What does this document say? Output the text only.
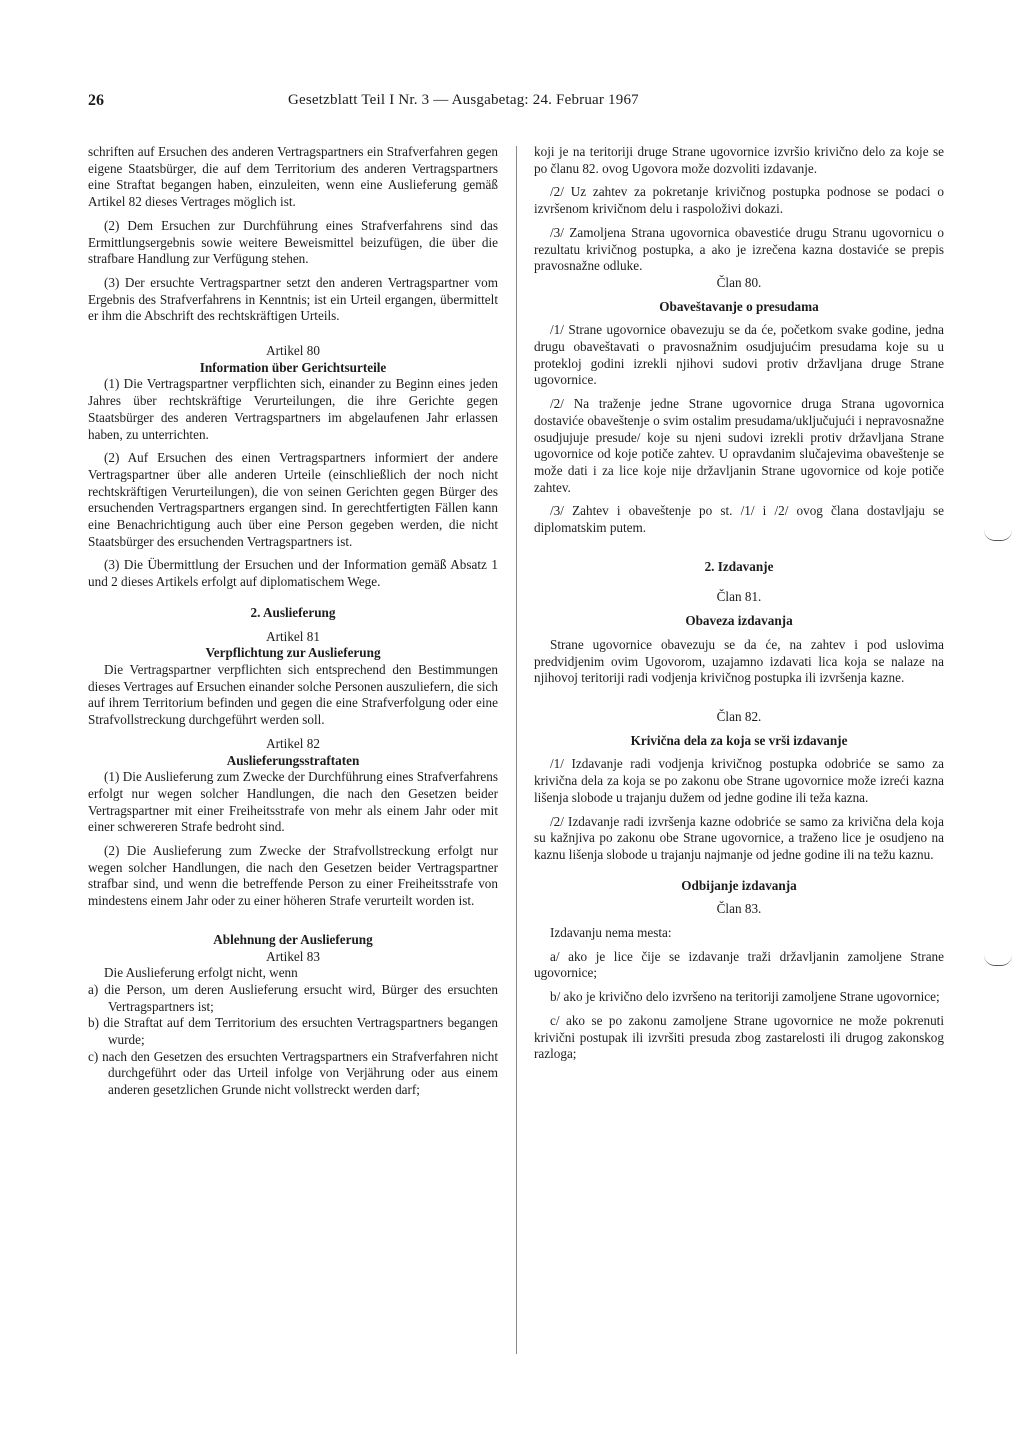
26	Gesetzblatt Teil I Nr. 3 — Ausgabetag: 24. Februar 1967

schriften auf Ersuchen des anderen Vertragspartners ein Strafverfahren gegen eigene Staatsbürger, die auf dem Territorium des anderen Vertragspartners eine Straftat begangen haben, einzuleiten, wenn eine Auslieferung gemäß Artikel 82 dieses Vertrages möglich ist.

(2) Dem Ersuchen zur Durchführung eines Strafverfahrens sind das Ermittlungsergebnis sowie weitere Beweismittel beizufügen, die über die strafbare Handlung zur Verfügung stehen.

(3) Der ersuchte Vertragspartner setzt den anderen Vertragspartner vom Ergebnis des Strafverfahrens in Kenntnis; ist ein Urteil ergangen, übermittelt er ihm die Abschrift des rechtskräftigen Urteils.

Artikel 80

Information über Gerichtsurteile

(1) Die Vertragspartner verpflichten sich, einander zu Beginn eines jeden Jahres über rechtskräftige Verurteilungen, die ihre Gerichte gegen Staatsbürger des anderen Vertragspartners im abgelaufenen Jahr erlassen haben, zu unterrichten.

(2) Auf Ersuchen des einen Vertragspartners informiert der andere Vertragspartner über alle anderen Urteile (einschließlich der noch nicht rechtskräftigen Verurteilungen), die von seinen Gerichten gegen Bürger des ersuchenden Vertragspartners ergangen sind. In gerechtfertigten Fällen kann eine Benachrichtigung auch über eine Person gegeben werden, die nicht Staatsbürger des ersuchenden Vertragspartners ist.

(3) Die Übermittlung der Ersuchen und der Information gemäß Absatz 1 und 2 dieses Artikels erfolgt auf diplomatischem Wege.

2. Auslieferung

Artikel 81

Verpflichtung zur Auslieferung

Die Vertragspartner verpflichten sich entsprechend den Bestimmungen dieses Vertrages auf Ersuchen einander solche Personen auszuliefern, die sich auf ihrem Territorium befinden und gegen die eine Strafverfolgung oder eine Strafvollstreckung durchgeführt werden soll.

Artikel 82

Auslieferungsstraftaten

(1) Die Auslieferung zum Zwecke der Durchführung eines Strafverfahrens erfolgt nur wegen solcher Handlungen, die nach den Gesetzen beider Vertragspartner mit einer Freiheitsstrafe von mehr als einem Jahr oder mit einer schwereren Strafe bedroht sind.

(2) Die Auslieferung zum Zwecke der Strafvollstreckung erfolgt nur wegen solcher Handlungen, die nach den Gesetzen beider Vertragspartner strafbar sind, und wenn die betreffende Person zu einer Freiheitsstrafe von mindestens einem Jahr oder zu einer höheren Strafe verurteilt worden ist.

Ablehnung der Auslieferung

Artikel 83

Die Auslieferung erfolgt nicht, wenn

a) die Person, um deren Auslieferung ersucht wird, Bürger des ersuchten Vertragspartners ist;
b) die Straftat auf dem Territorium des ersuchten Vertragspartners begangen wurde;
c) nach den Gesetzen des ersuchten Vertragspartners ein Strafverfahren nicht durchgeführt oder das Urteil infolge von Verjährung oder aus einem anderen gesetzlichen Grunde nicht vollstreckt werden darf;

koji je na teritoriji druge Strane ugovornice izvršio krivično delo za koje se po članu 82. ovog Ugovora može dozvoliti izdavanje.

/2/ Uz zahtev za pokretanje krivičnog postupka podnose se podaci o izvršenom krivičnom delu i raspoloživi dokazi.

/3/ Zamoljena Strana ugovornica obavestiće drugu Stranu ugovornicu o rezultatu krivičnog postupka, a ako je izrečena kazna dostaviće se prepis pravosnažne odluke.

Član 80.

Obaveštavanje o presudama

/1/ Strane ugovornice obavezuju se da će, početkom svake godine, jedna drugu obaveštavati o pravosnažnim osudjujućim presudama koje su u proteklоj godini izrekli njihovi sudovi protiv državljana druge Strane ugovornice.

/2/ Na traženje jedne Strane ugovornice druga Strana ugovornica dostaviće obaveštenje o svim ostalim presudama/uključujući i nepravosnažne osudjujuje presude/ koje su njeni sudovi izrekli protiv državljana Strane ugovornice od koje potiče zahtev. U opravdanim slučajevima obaveštenje se može dati i za lice koje nije državljanin Strane ugovornice od koje potiče zahtev.

/3/ Zahtev i obaveštenje po st. /1/ i /2/ ovog člana dostavljaju se diplomatskim putem.

2. Izdavanje

Član 81.

Obaveza izdavanja

Strane ugovornice obavezuju se da će, na zahtev i pod uslovima predvidjenim ovim Ugovorom, uzajamno izdavati lica koja se nalaze na njihovoj teritoriji radi vodjenja krivičnog postupka ili izvršenja kazne.

Član 82.

Krivična dela za koja se vrši izdavanje

/1/ Izdavanje radi vodjenja krivičnog postupka odobriće se samo za krivična dela za koja se po zakonu obe Strane ugovornice može izreći kazna lišenja slobode u trajanju dužem od jedne godine ili teža kazna.

/2/ Izdavanje radi izvršenja kazne odobriće se samo za krivična dela koja su kažnjiva po zakonu obe Strane ugovornice, a traženo lice je osudjeno na kaznu lišenja slobode u trajanju najmanje od jedne godine ili na težu kaznu.

Odbijanje izdavanja

Član 83.

Izdavanju nema mesta:

a/ ako je lice čije se izdavanje traži državljanin zamoljene Strane ugovornice;

b/ ako je krivično delo izvršeno na teritoriji zamoljene Strane ugovornice;

c/ ako se po zakonu zamoljene Strane ugovornice ne može pokrenuti krivični postupak ili izvršiti presuda zbog zastarelosti ili drugog zakonskog razloga;
